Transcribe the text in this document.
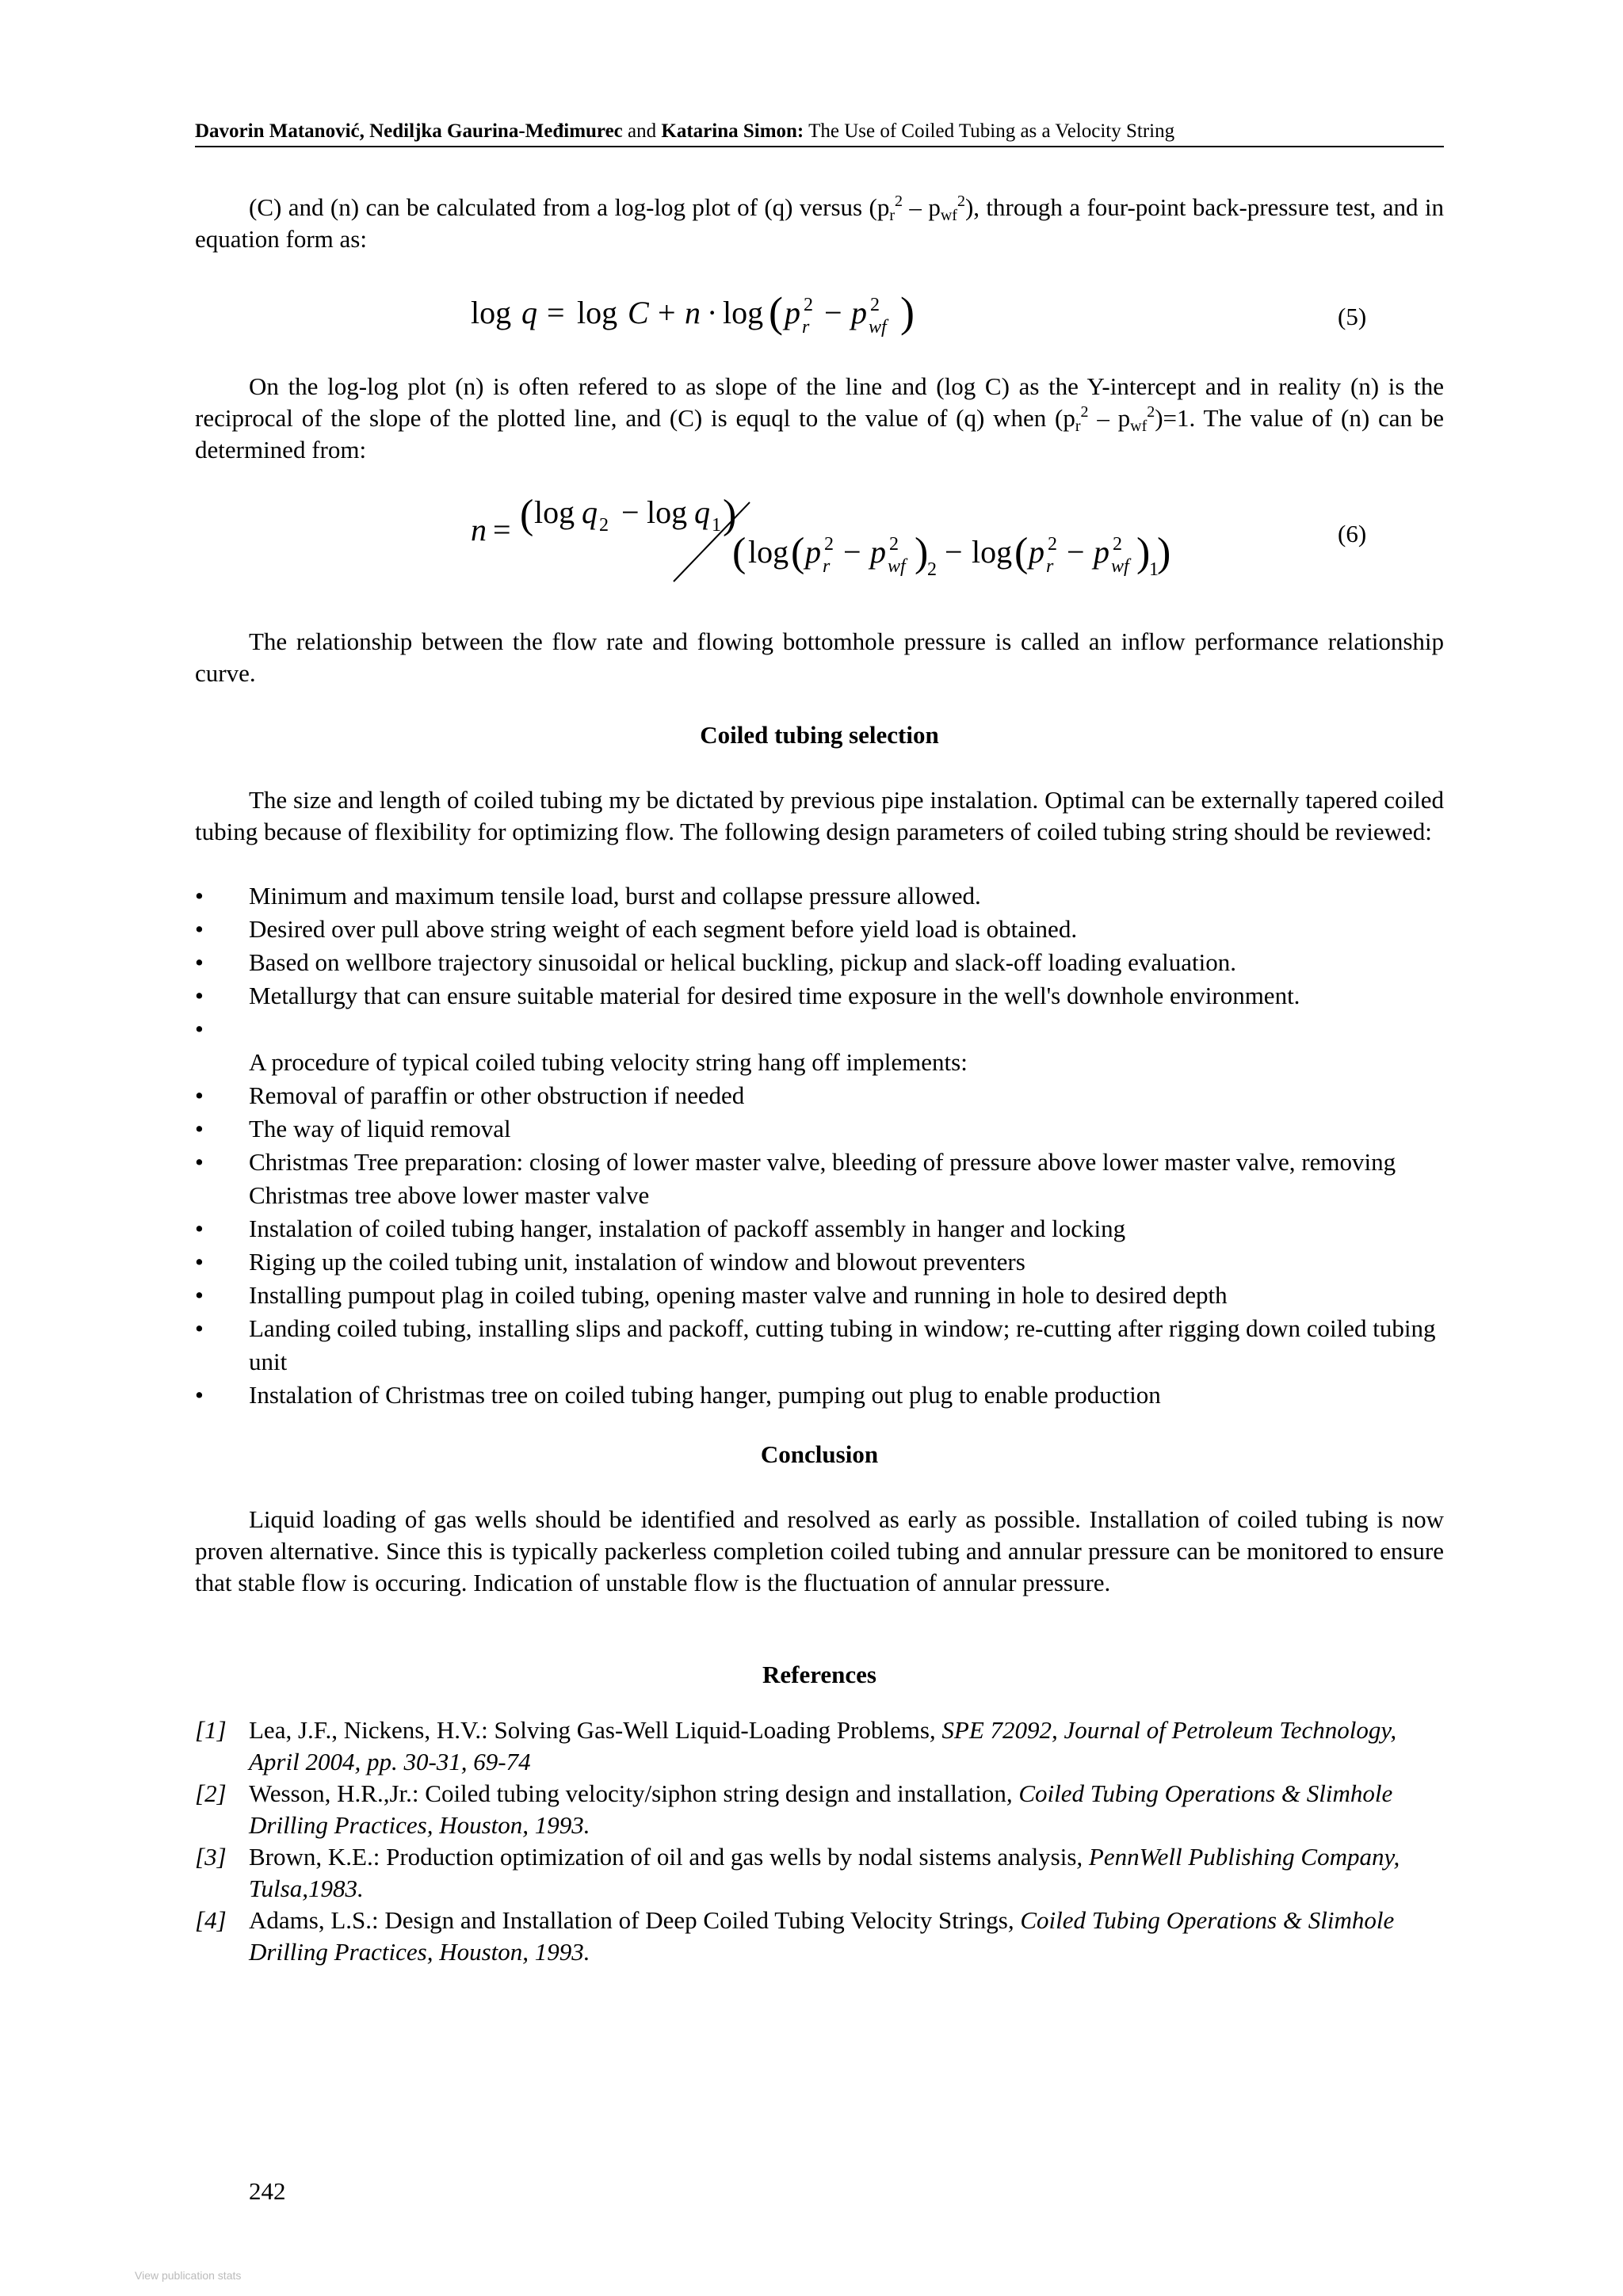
Davorin Matanović, Nediljka Gaurina-Međimurec and Katarina Simon: The Use of Coiled Tubing as a Velocity String
(C) and (n) can be calculated from a log-log plot of (q) versus $(p_r^2 - p_{wf}^2)$, through a four-point back-pressure test, and in equation form as:
log q = log C + n · log ( p 2
r − p 2
wf )	(5)
On the log-log plot (n) is often refered to as slope of the line and (log C) as the Y-intercept and in reality (n) is the reciprocal of the slope of the plotted line, and (C) is equql to the value of (q) when $(p_r^2 - p_{wf}^2)=1$. The value of (n) can be determined from:
n = ( log q 2 − log q 1 )
( log ( p 2
r − p 2
wf )
2 − log ( p 2
r − p 2
wf )
1
)	(6)
The relationship between the flow rate and flowing bottomhole pressure is called an inflow performance relationship curve.
Coiled tubing selection
The size and length of coiled tubing my be dictated by previous pipe instalation. Optimal can be externally tapered coiled tubing because of flexibility for optimizing flow. The following design parameters of coiled tubing string should be reviewed:
• Minimum and maximum tensile load, burst and collapse pressure allowed.
• Desired over pull above string weight of each segment before yield load is obtained.
• Based on wellbore trajectory sinusoidal or helical buckling, pickup and slack-off loading evaluation.
• Metallurgy that can ensure suitable material for desired time exposure in the well's downhole environment.
•

A procedure of typical coiled tubing velocity string hang off implements:
• Removal of paraffin or other obstruction if needed
• The way of liquid removal
• Christmas Tree preparation: closing of lower master valve, bleeding of pressure above lower master valve, removing Christmas tree above lower master valve
• Instalation of coiled tubing hanger, instalation of packoff assembly in hanger and locking
• Riging up the coiled tubing unit, instalation of window and blowout preventers
• Installing pumpout plag in coiled tubing, opening master valve and running in hole to desired depth
• Landing coiled tubing, installing slips and packoff, cutting tubing in window; re-cutting after rigging down coiled tubing unit
• Instalation of Christmas tree on coiled tubing hanger, pumping out plug to enable production
Conclusion
Liquid loading of gas wells should be identified and resolved as early as possible. Installation of coiled tubing is now proven alternative. Since this is typically packerless completion coiled tubing and annular pressure can be monitored to ensure that stable flow is occuring. Indication of unstable flow is the fluctuation of annular pressure.
References
[1] Lea, J.F., Nickens, H.V.: Solving Gas-Well Liquid-Loading Problems, SPE 72092, Journal of Petroleum Technology, April 2004, pp. 30-31, 69-74
[2] Wesson, H.R.,Jr.: Coiled tubing velocity/siphon string design and installation, Coiled Tubing Operations & Slimhole Drilling Practices, Houston, 1993.
[3] Brown, K.E.: Production optimization of oil and gas wells by nodal sistems analysis, PennWell Publishing Company, Tulsa,1983.
[4] Adams, L.S.: Design and Installation of Deep Coiled Tubing Velocity Strings, Coiled Tubing Operations & Slimhole Drilling Practices, Houston, 1993.
242
View publication stats
